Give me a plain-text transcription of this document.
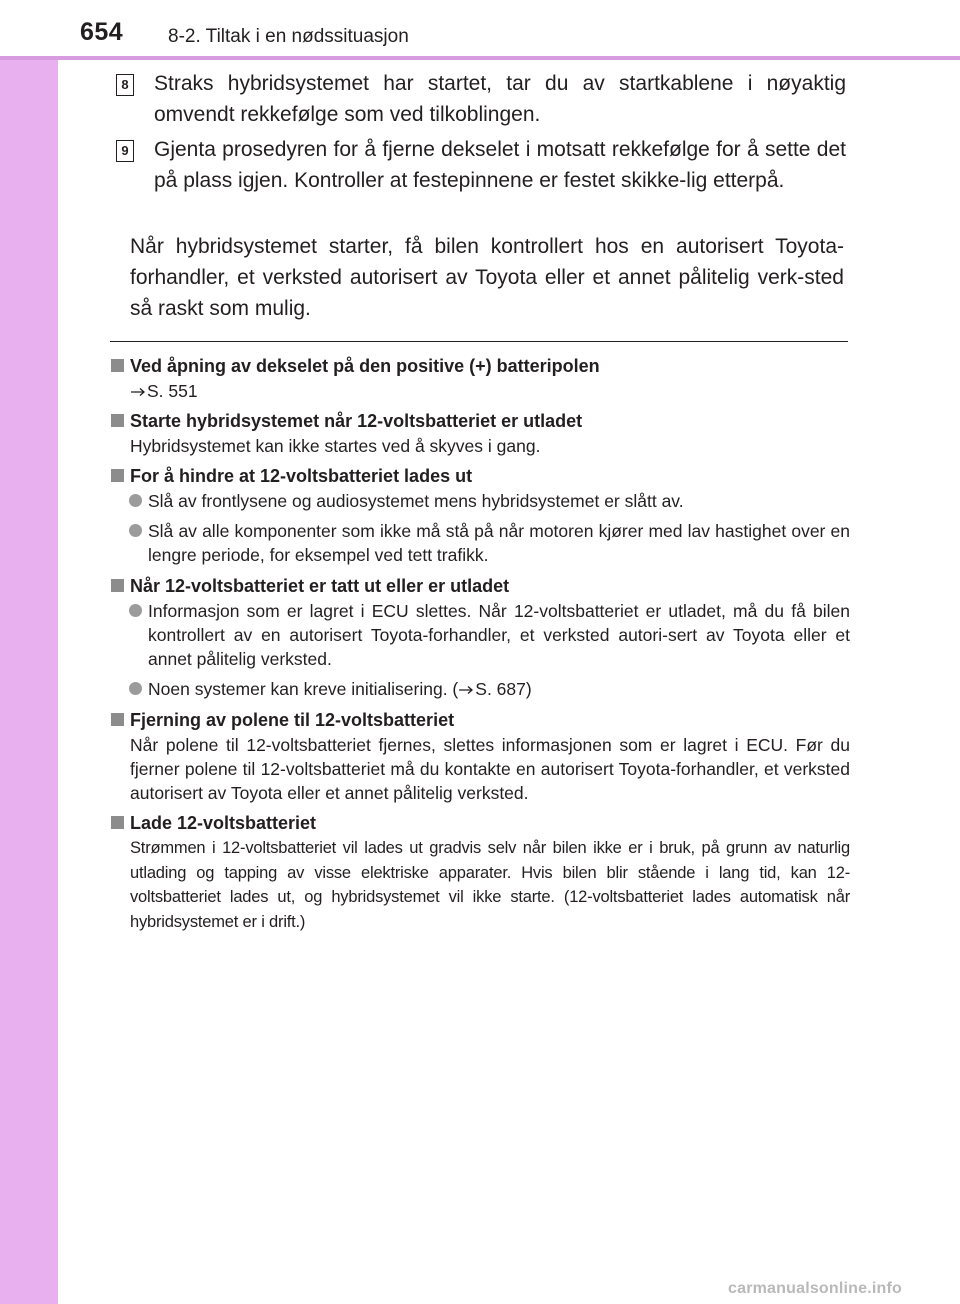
654 8-2. Tiltak i en nødssituasjon
8 Straks hybridsystemet har startet, tar du av startkablene i nøyaktig omvendt rekkefølge som ved tilkoblingen.
9 Gjenta prosedyren for å fjerne dekselet i motsatt rekkefølge for å sette det på plass igjen. Kontroller at festepinnene er festet skikke-lig etterpå.
Når hybridsystemet starter, få bilen kontrollert hos en autorisert Toyota-forhandler, et verksted autorisert av Toyota eller et annet pålitelig verk-sted så raskt som mulig.
Ved åpning av dekselet på den positive (+) batteripolen
S. 551
Starte hybridsystemet når 12-voltsbatteriet er utladet
Hybridsystemet kan ikke startes ved å skyves i gang.
For å hindre at 12-voltsbatteriet lades ut
Slå av frontlysene og audiosystemet mens hybridsystemet er slått av.
Slå av alle komponenter som ikke må stå på når motoren kjører med lav hastighet over en lengre periode, for eksempel ved tett trafikk.
Når 12-voltsbatteriet er tatt ut eller er utladet
Informasjon som er lagret i ECU slettes. Når 12-voltsbatteriet er utladet, må du få bilen kontrollert av en autorisert Toyota-forhandler, et verksted autori-sert av Toyota eller et annet pålitelig verksted.
Noen systemer kan kreve initialisering. ( S. 687)
Fjerning av polene til 12-voltsbatteriet
Når polene til 12-voltsbatteriet fjernes, slettes informasjonen som er lagret i ECU. Før du fjerner polene til 12-voltsbatteriet må du kontakte en autorisert Toyota-forhandler, et verksted autorisert av Toyota eller et annet pålitelig verksted.
Lade 12-voltsbatteriet
Strømmen i 12-voltsbatteriet vil lades ut gradvis selv når bilen ikke er i bruk, på grunn av naturlig utlading og tapping av visse elektriske apparater. Hvis bilen blir stående i lang tid, kan 12-voltsbatteriet lades ut, og hybridsystemet vil ikke starte. (12-voltsbatteriet lades automatisk når hybridsystemet er i drift.)
carmanualsonline.info
